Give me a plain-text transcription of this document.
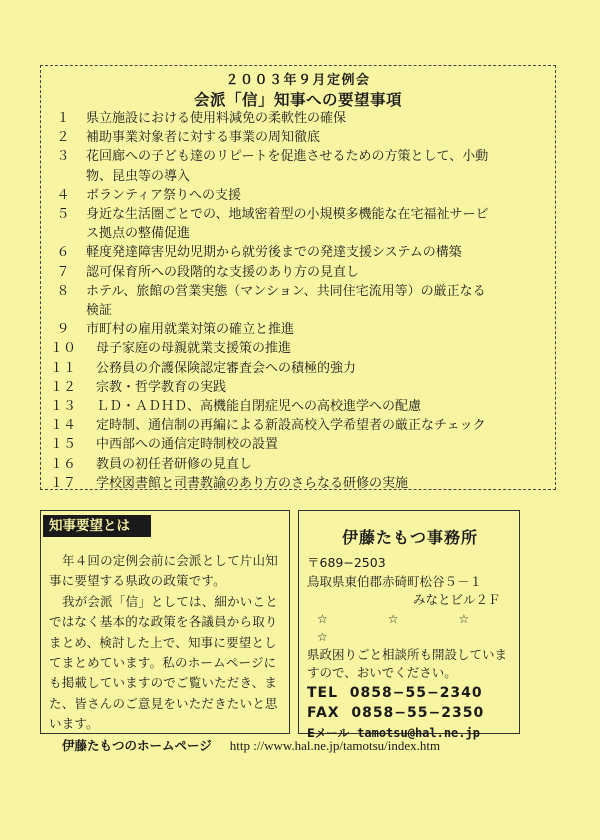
２００３年９月定例会
会派「信」知事への要望事項
１	県立施設における使用料減免の柔軟性の確保
２	補助事業対象者に対する事業の周知徹底
３	花回廊への子ども達のリピートを促進させるための方策として、小動
物、昆虫等の導入
４	ボランティア祭りへの支援
５	身近な生活圏ごとでの、地域密着型の小規模多機能な在宅福祉サービ
ス拠点の整備促進
６	軽度発達障害児幼児期から就労後までの発達支援システムの構築
７	認可保育所への段階的な支援のあり方の見直し
８	ホテル、旅館の営業実態（マンション、共同住宅流用等）の厳正なる
検証
９	市町村の雇用就業対策の確立と推進
１０	母子家庭の母親就業支援策の推進
１１	公務員の介護保険認定審査会への積極的強力
１２	宗教・哲学教育の実践
１３	ＬＤ・ＡＤＨＤ、高機能自閉症児への高校進学への配慮
１４	定時制、通信制の再編による新設高校入学希望者の厳正なチェック
１５	中西部への通信定時制校の設置
１６	教員の初任者研修の見直し
１７	学校図書館と司書教諭のあり方のさらなる研修の実施
知事要望とは

年４回の定例会前に会派として片山知事に要望する県政の政策です。

我が会派「信」としては、細かいことではなく基本的な政策を各議員から取りまとめ、検討した上で、知事に要望としてまとめています。私のホームページにも掲載していますのでご覧いただき、また、皆さんのご意見をいただきたいと思います。

伊藤たもつ事務所
〒689−2503
鳥取県東伯郡赤碕町松谷５－１
みなとビル２Ｆ
☆　☆　☆　☆
県政困りごと相談所も開設していますので、おいでください。
TEL  0858−55−2340
FAX  0858−55−2350
Eメール tamotsu@hal.ne.jp
伊藤たもつのホームページ http ://www.hal.ne.jp/tamotsu/index.htm
